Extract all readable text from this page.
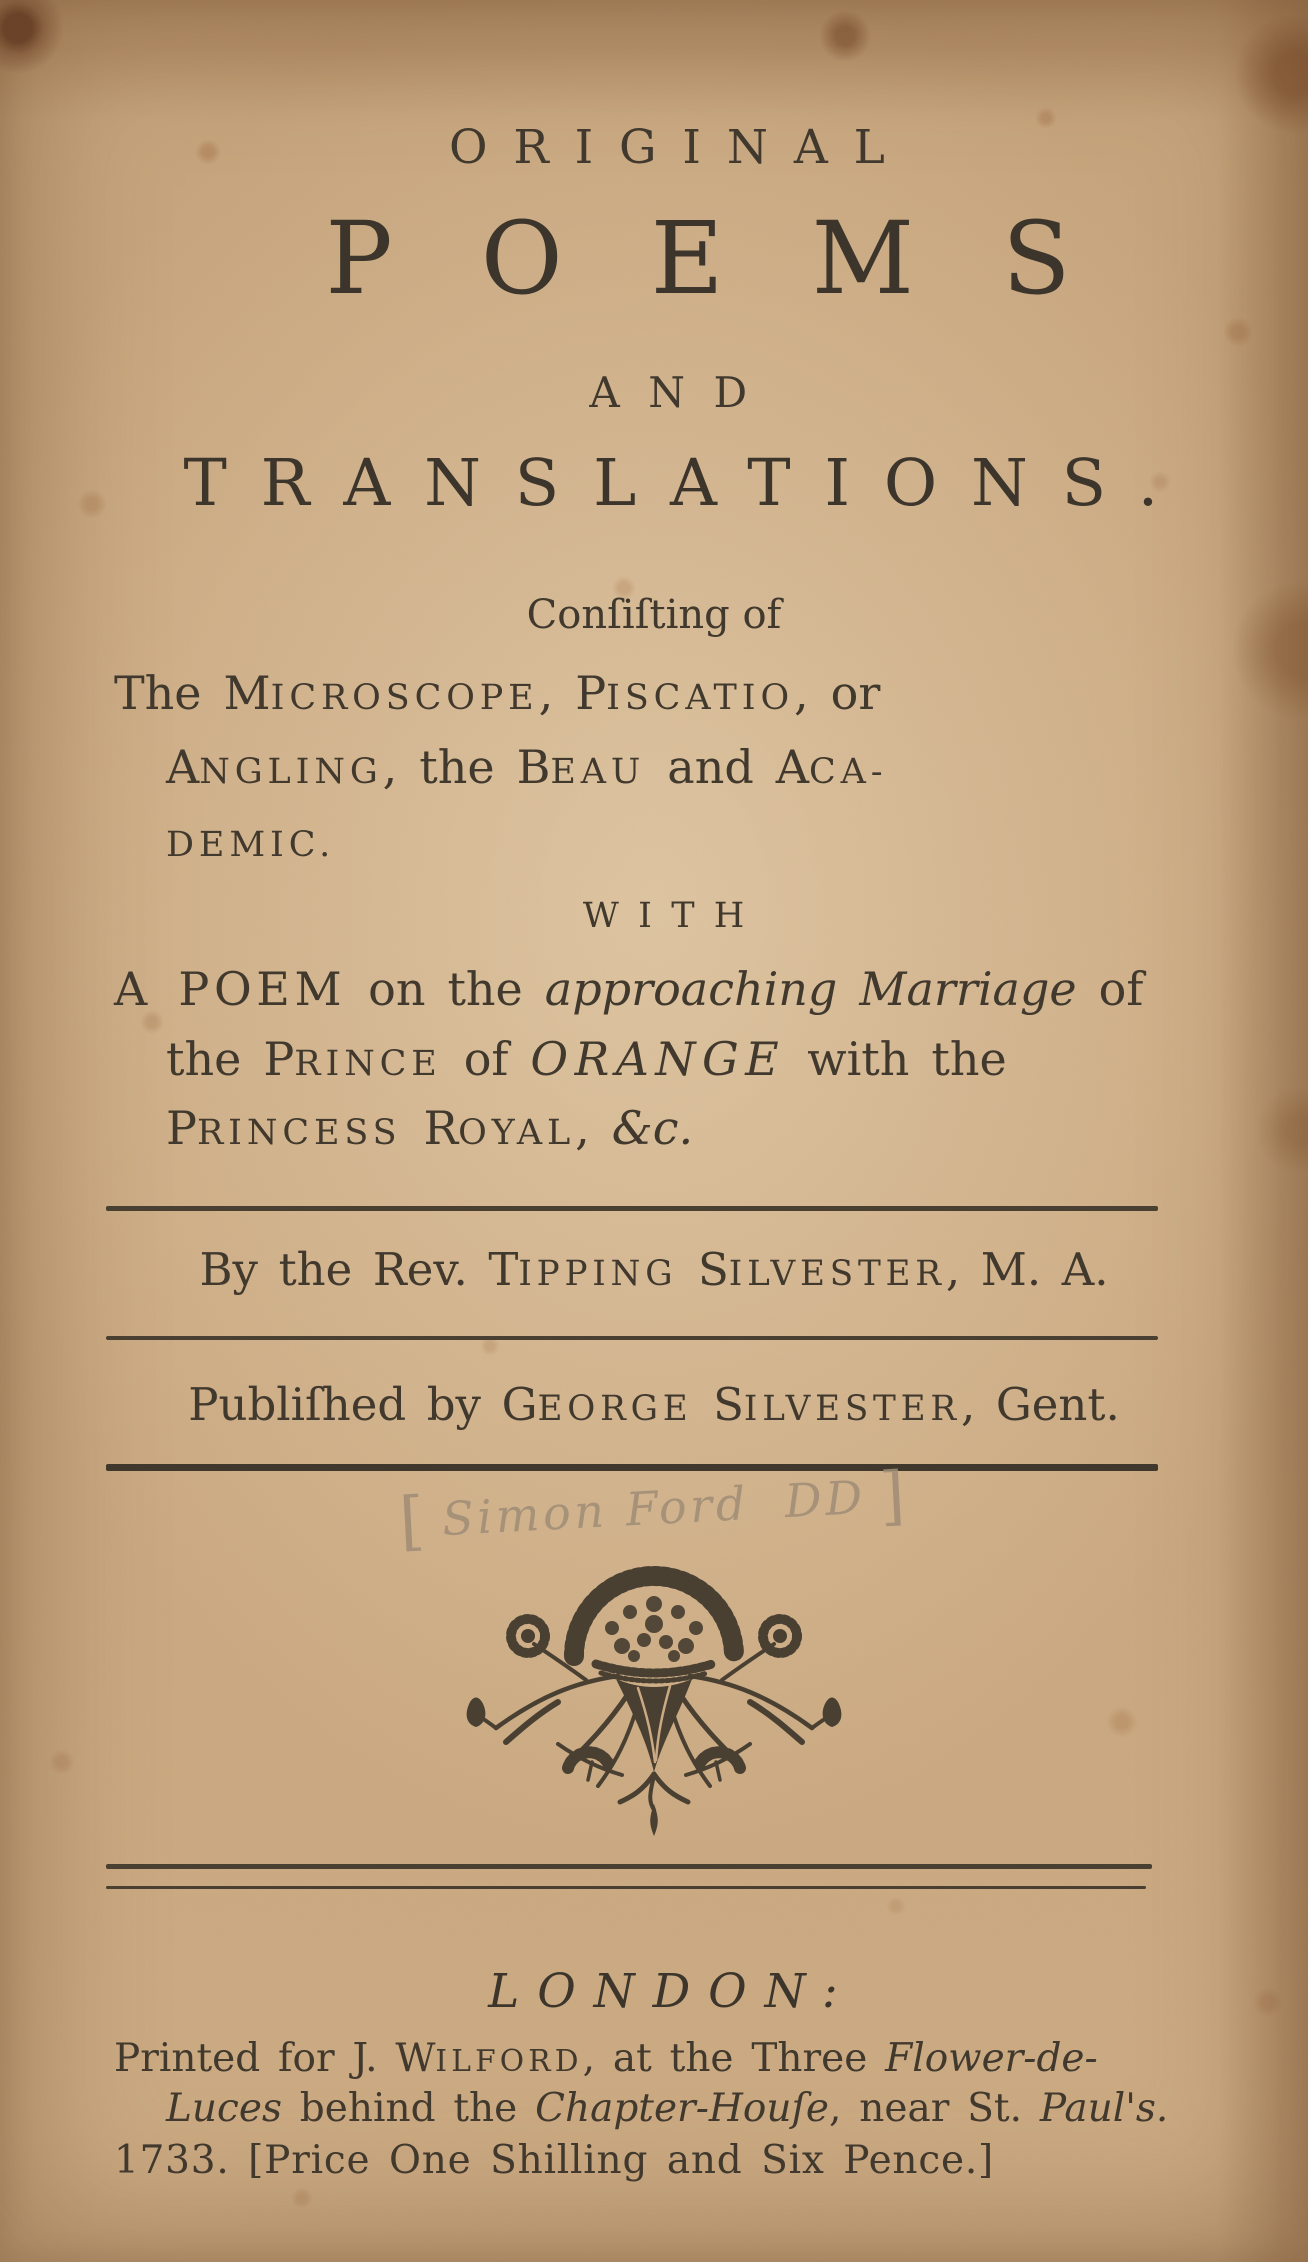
ORIGINAL
POEMS
AND
TRANSLATIONS.
Conſiſting of
The MICROSCOPE, PISCATIO, or
ANGLING, the BEAU and ACA-
DEMIC.
WITH
A POEM on the approaching Marriage of
the PRINCE of ORANGE with the
PRINCESS ROYAL, &c.
By the Rev. TIPPING SILVESTER, M. A.
Publiſhed by GEORGE SILVESTER, Gent.
[ Simon Ford DD ]
LONDON:
Printed for J. WILFORD, at the Three Flower-de-
Luces behind the Chapter-Houſe, near St. Paul's.
1733. [Price One Shilling and Six Pence.]
